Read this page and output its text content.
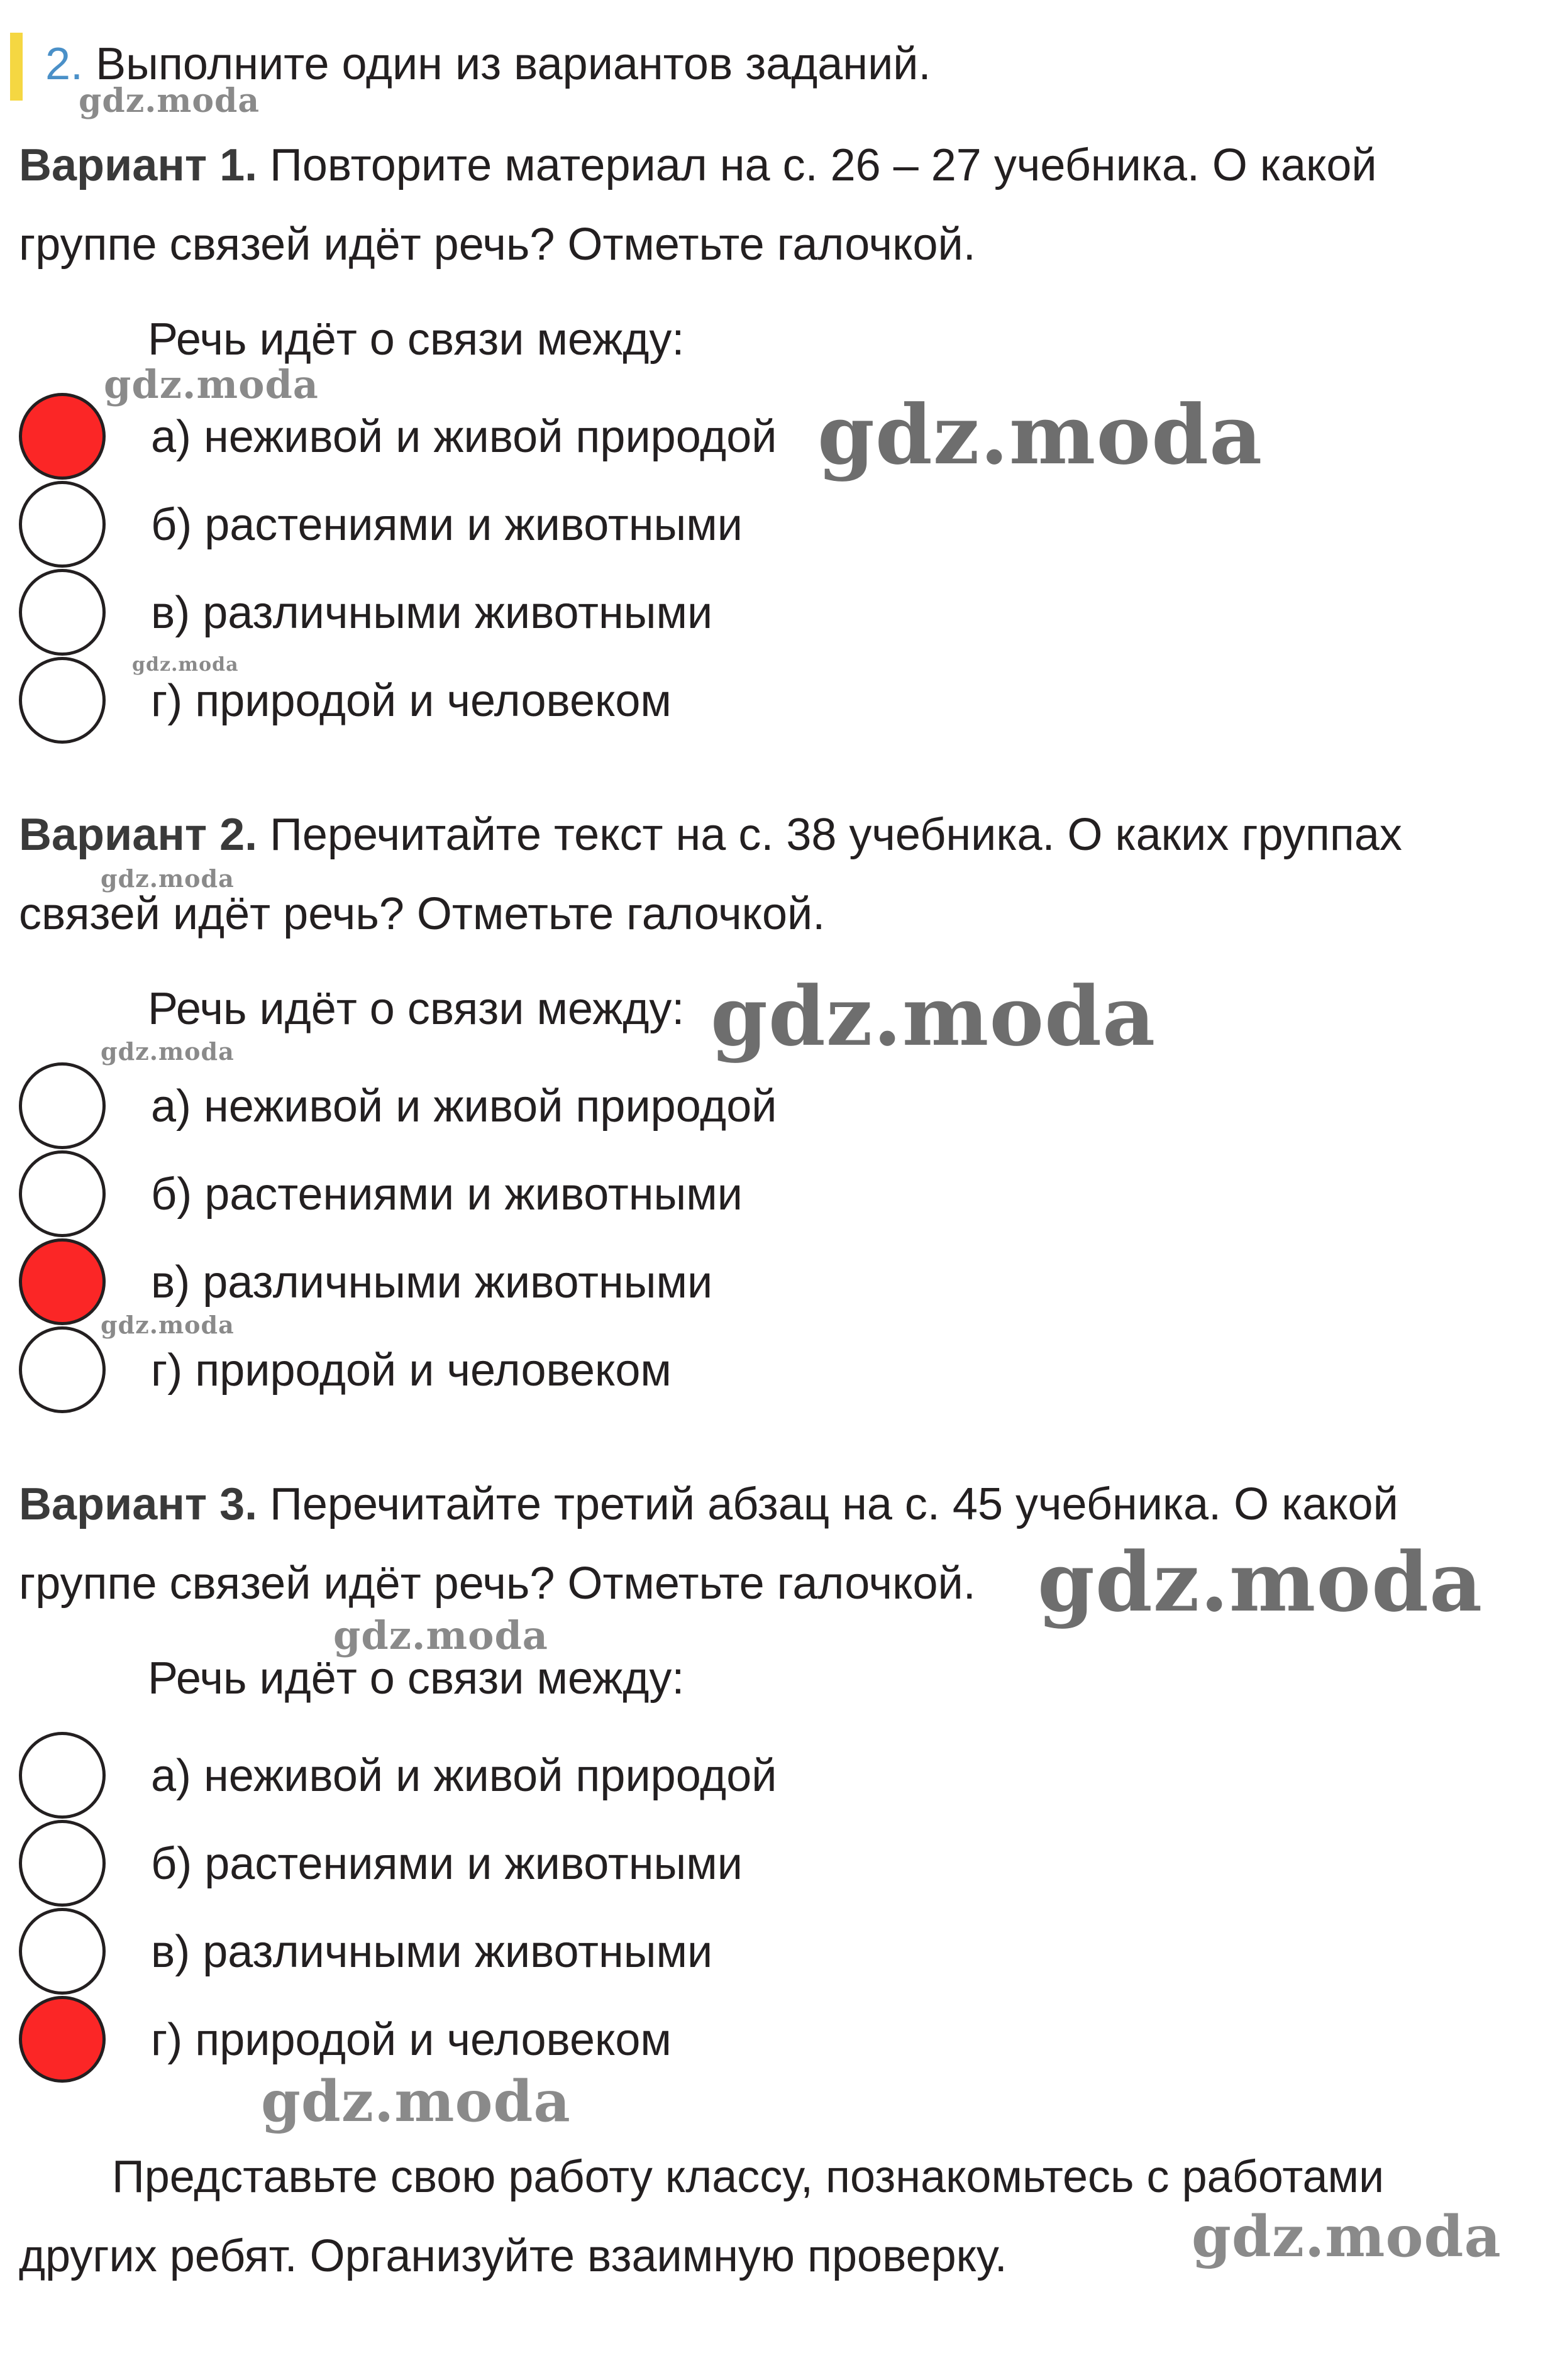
2. Выполните один из вариантов заданий.
Вариант 1. Повторите материал на с. 26 – 27 учебника. О какой
группе связей идёт речь? Отметьте галочкой.
Речь идёт о связи между:
а) неживой и живой природой
б) растениями и животными
в) различными животными
г) природой и человеком
Вариант 2. Перечитайте текст на с. 38 учебника. О каких группах
связей идёт речь? Отметьте галочкой.
Речь идёт о связи между:
а) неживой и живой природой
б) растениями и животными
в) различными животными
г) природой и человеком
Вариант 3. Перечитайте третий абзац на с. 45 учебника. О какой
группе связей идёт речь? Отметьте галочкой.
Речь идёт о связи между:
а) неживой и живой природой
б) растениями и животными
в) различными животными
г) природой и человеком
Представьте свою работу классу, познакомьтесь с работами
других ребят. Организуйте взаимную проверку.
gdz.moda
gdz.moda
gdz.moda
gdz.moda
gdz.moda
gdz.moda
gdz.moda
gdz.moda
gdz.moda
gdz.moda
gdz.moda
gdz.moda
